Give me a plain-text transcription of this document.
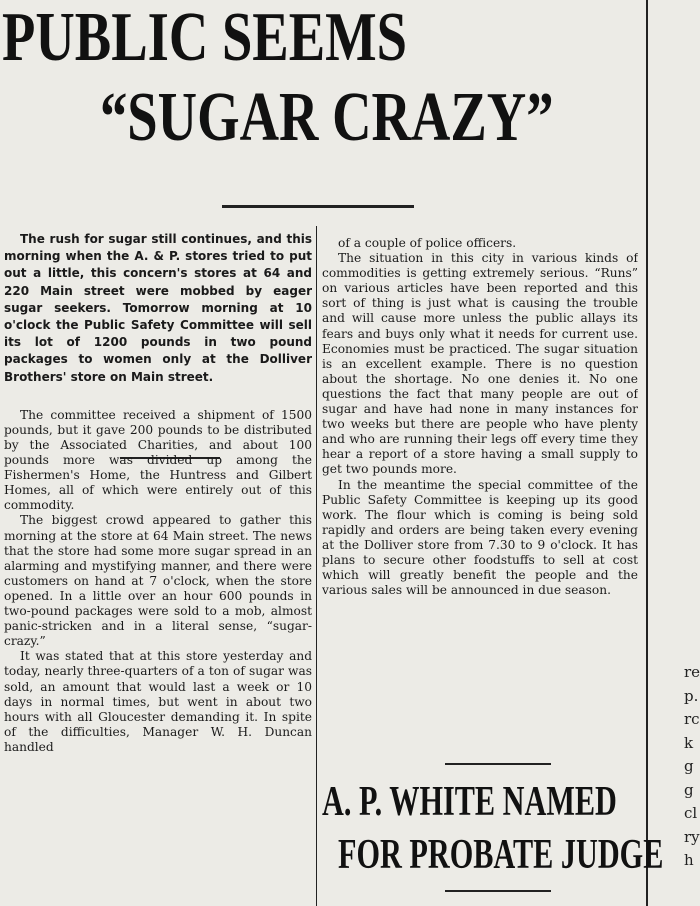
PUBLIC SEEMS
“SUGAR CRAZY”

The rush for sugar still continues, and this morning when the A. & P. stores tried to put out a little, this concern's stores at 64 and 220 Main street were mobbed by eager sugar seekers. Tomorrow morning at 10 o'clock the Public Safety Committee will sell its lot of 1200 pounds in two pound packages to women only at the Dolliver Brothers' store on Main street.

The committee received a shipment of 1500 pounds, but it gave 200 pounds to be distributed by the Associated Charities, and about 100 pounds more was divided up among the Fishermen's Home, the Huntress and Gilbert Homes, all of which were entirely out of this commodity.

The biggest crowd appeared to gather this morning at the store at 64 Main street. The news that the store had some more sugar spread in an alarming and mystifying manner, and there were customers on hand at 7 o'clock, when the store opened. In a little over an hour 600 pounds in two-pound packages were sold to a mob, almost panic-stricken and in a literal sense, “sugar-crazy.”

It was stated that at this store yesterday and today, nearly three-quarters of a ton of sugar was sold, an amount that would last a week or 10 days in normal times, but went in about two hours with all Gloucester demanding it. In spite of the difficulties, Manager W. H. Duncan handled

of a couple of police officers.

The situation in this city in various kinds of commodities is getting extremely serious. “Runs” on various articles have been reported and this sort of thing is just what is causing the trouble and will cause more unless the public allays its fears and buys only what it needs for current use. Economies must be practiced. The sugar situation is an excellent example. There is no question about the shortage. No one denies it. No one questions the fact that many people are out of sugar and have had none in many instances for two weeks but there are people who have plenty and who are running their legs off every time they hear a report of a store having a small supply to get two pounds more.

In the meantime the special committee of the Public Safety Committee is keeping up its good work. The flour which is coming is being sold rapidly and orders are being taken every evening at the Dolliver store from 7.30 to 9 o'clock. It has plans to secure other foodstuffs to sell at cost which will greatly benefit the people and the various sales will be announced in due season.

A. P. WHITE NAMED
FOR PROBATE JUDGE
re
p.
rc
k
g
g
cl
ry
h
